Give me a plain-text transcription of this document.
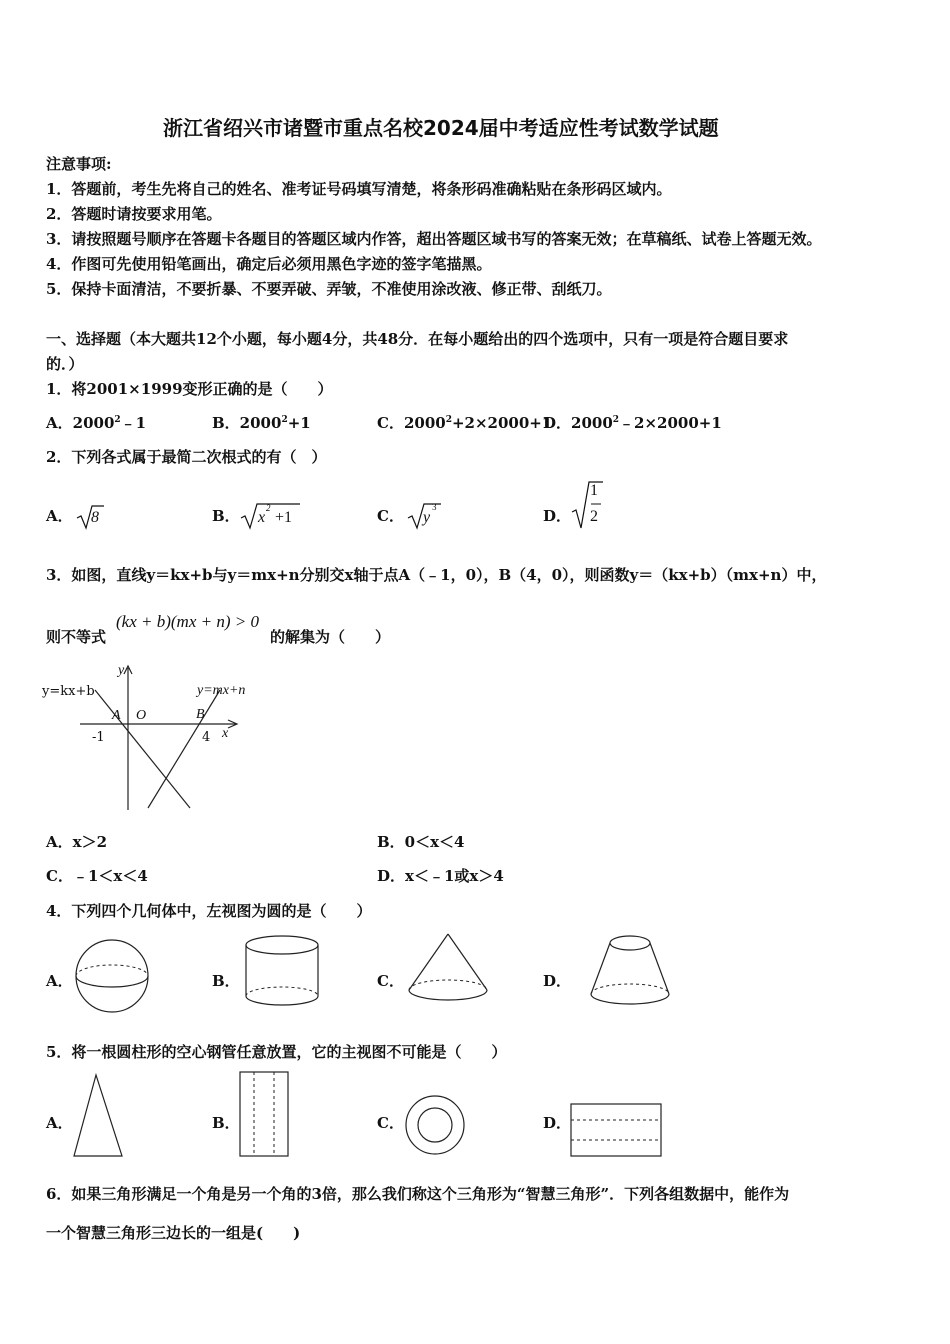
浙江省绍兴市诸暨市重点名校2024届中考适应性考试数学试题
注意事项:
1．答题前，考生先将自己的姓名、准考证号码填写清楚，将条形码准确粘贴在条形码区域内。
2．答题时请按要求用笔。
3．请按照题号顺序在答题卡各题目的答题区域内作答，超出答题区域书写的答案无效；在草稿纸、试卷上答题无效。
4．作图可先使用铅笔画出，确定后必须用黑色字迹的签字笔描黑。
5．保持卡面清洁，不要折暴、不要弄破、弄皱，不准使用涂改液、修正带、刮纸刀。
一、选择题（本大题共12个小题，每小题4分，共48分．在每小题给出的四个选项中，只有一项是符合题目要求
的．）
1．将2001×1999变形正确的是（　　）
A．2000$^2$﹣1	B．$2000^2+1$	C．$2000^2+2\times 2000+1$
D．$2000^2﹣2\times 2000+1$
2．下列各式属于最简二次根式的有（　）
A． 8	B． x
2
+1	C． y
3	D．
1
2
3．如图，直线y＝kx+b与y＝mx+n分别交x轴于点A（﹣1，0），B（4，0），则函数y＝（kx+b）（mx+n）中，
则不等式
(kx + b)(mx + n) > 0
的解集为（　　）
y=kx+b	y=mx+n
y
x
A O	B
-1	4
A．x＞2	B．0＜x＜4
C．﹣1＜x＜4	D．x＜﹣1或x＞4
4．下列四个几何体中，左视图为圆的是（　　）
A．	B．	C．	D．
5．将一根圆柱形的空心钢管任意放置，它的主视图不可能是（　　）
A．	B．	C．	D．
6．如果三角形满足一个角是另一个角的3倍，那么我们称这个三角形为“智慧三角形”．下列各组数据中，能作为
一个智慧三角形三边长的一组是(　　)
